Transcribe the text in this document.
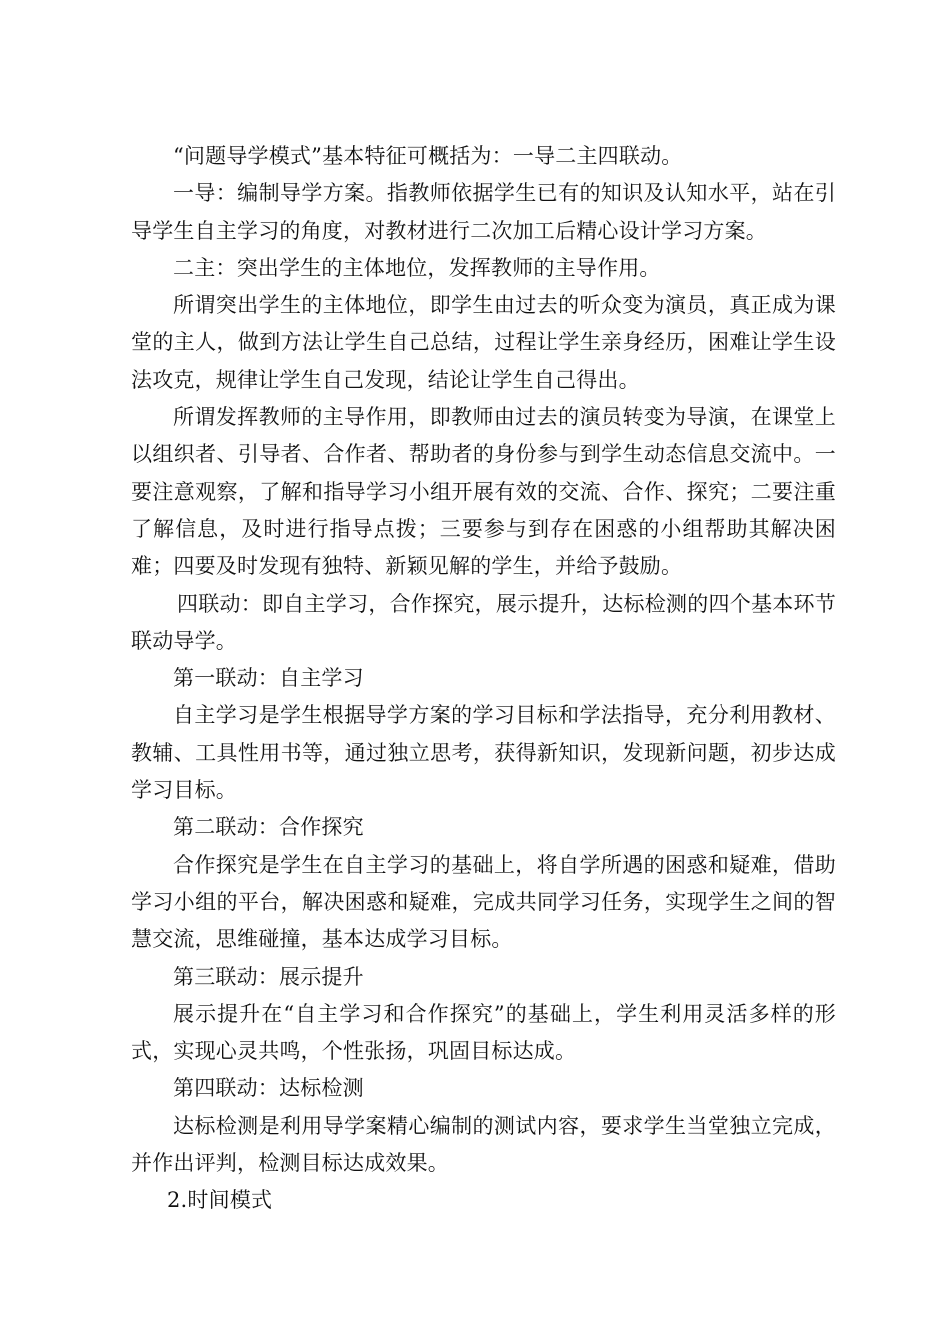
“问题导学模式”基本特征可概括为：一导二主四联动。

一导：编制导学方案。指教师依据学生已有的知识及认知水平，站在引导学生自主学习的角度，对教材进行二次加工后精心设计学习方案。

二主：突出学生的主体地位，发挥教师的主导作用。

所谓突出学生的主体地位，即学生由过去的听众变为演员，真正成为课堂的主人，做到方法让学生自己总结，过程让学生亲身经历，困难让学生设法攻克，规律让学生自己发现，结论让学生自己得出。

所谓发挥教师的主导作用，即教师由过去的演员转变为导演，在课堂上以组织者、引导者、合作者、帮助者的身份参与到学生动态信息交流中。一要注意观察，了解和指导学习小组开展有效的交流、合作、探究；二要注重了解信息，及时进行指导点拨；三要参与到存在困惑的小组帮助其解决困难；四要及时发现有独特、新颖见解的学生，并给予鼓励。

四联动：即自主学习，合作探究，展示提升，达标检测的四个基本环节联动导学。

第一联动：自主学习

自主学习是学生根据导学方案的学习目标和学法指导，充分利用教材、教辅、工具性用书等，通过独立思考，获得新知识，发现新问题，初步达成学习目标。

第二联动：合作探究

合作探究是学生在自主学习的基础上，将自学所遇的困惑和疑难，借助学习小组的平台，解决困惑和疑难，完成共同学习任务，实现学生之间的智慧交流，思维碰撞，基本达成学习目标。

第三联动：展示提升

展示提升在“自主学习和合作探究”的基础上，学生利用灵活多样的形式，实现心灵共鸣，个性张扬，巩固目标达成。

第四联动：达标检测

达标检测是利用导学案精心编制的测试内容，要求学生当堂独立完成，并作出评判，检测目标达成效果。

2.时间模式
